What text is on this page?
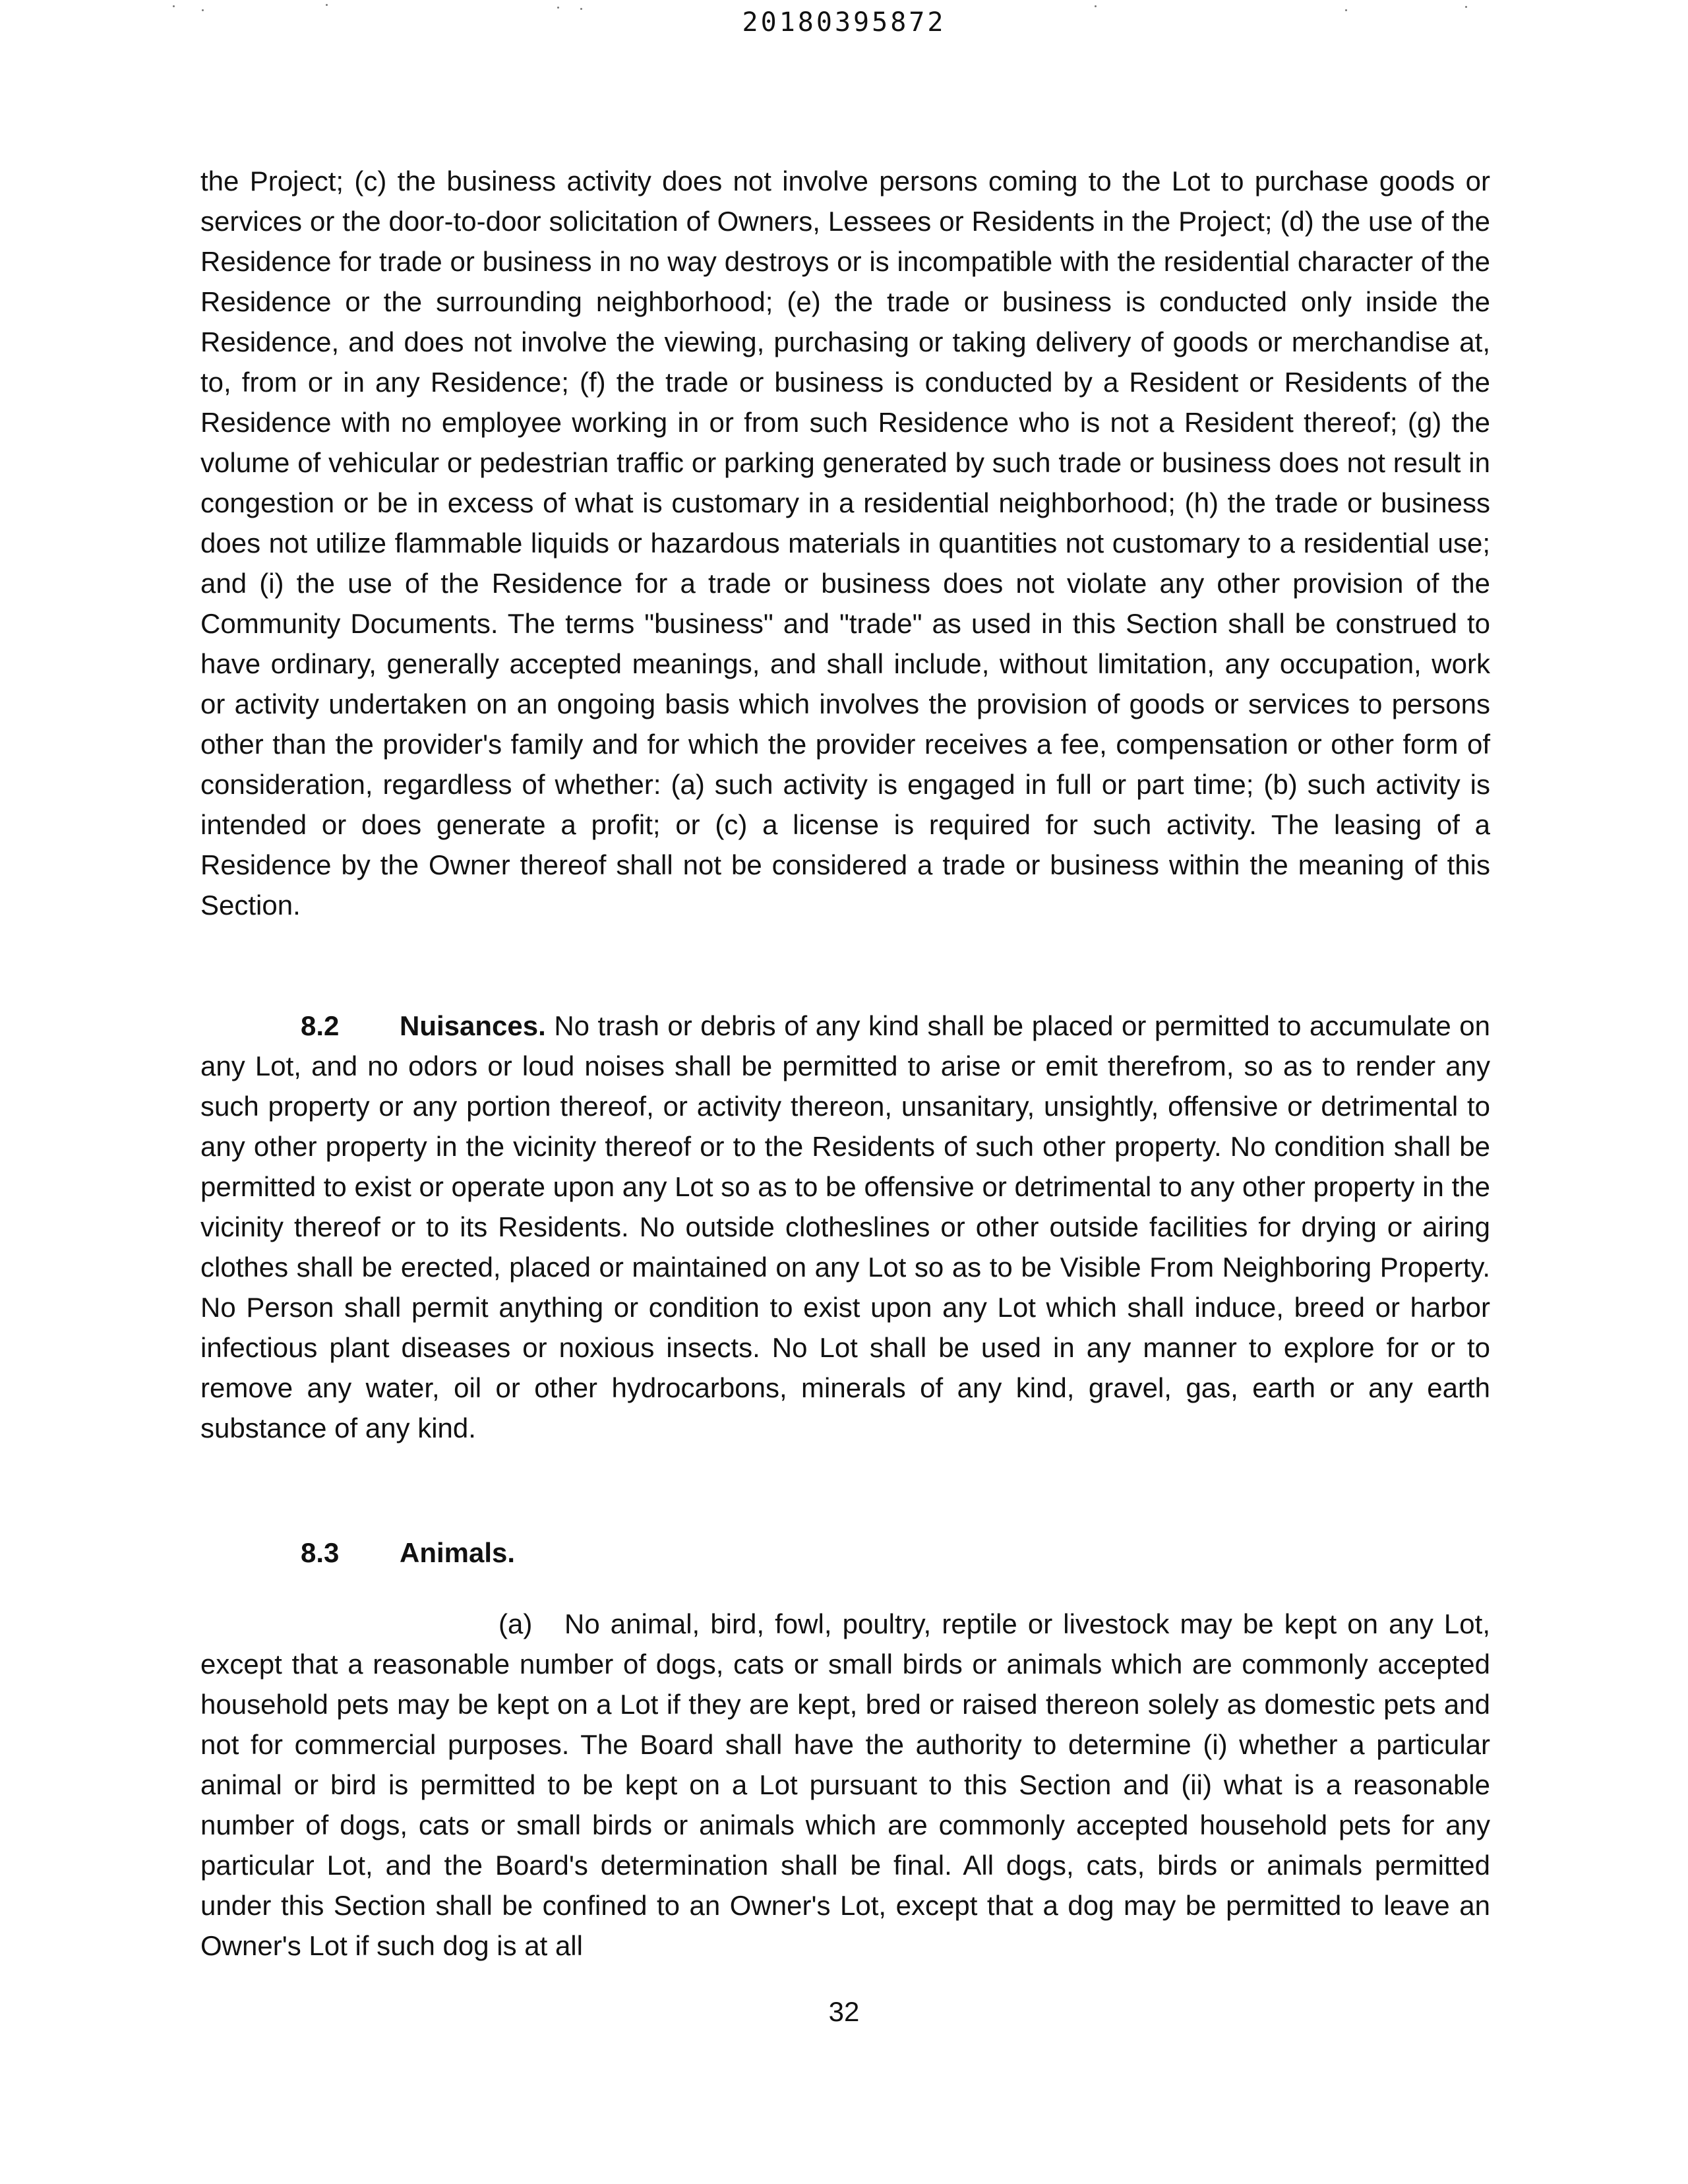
20180395872

the Project; (c) the business activity does not involve persons coming to the Lot to purchase goods or services or the door-to-door solicitation of Owners, Lessees or Residents in the Project; (d) the use of the Residence for trade or business in no way destroys or is incompatible with the residential character of the Residence or the surrounding neighborhood; (e) the trade or business is conducted only inside the Residence, and does not involve the viewing, purchasing or taking delivery of goods or merchandise at, to, from or in any Residence; (f) the trade or business is conducted by a Resident or Residents of the Residence with no employee working in or from such Residence who is not a Resident thereof; (g) the volume of vehicular or pedestrian traffic or parking generated by such trade or business does not result in congestion or be in excess of what is customary in a residential neighborhood; (h) the trade or business does not utilize flammable liquids or hazardous materials in quantities not customary to a residential use; and (i) the use of the Residence for a trade or business does not violate any other provision of the Community Documents. The terms "business" and "trade" as used in this Section shall be construed to have ordinary, generally accepted meanings, and shall include, without limitation, any occupation, work or activity undertaken on an ongoing basis which involves the provision of goods or services to persons other than the provider's family and for which the provider receives a fee, compensation or other form of consideration, regardless of whether: (a) such activity is engaged in full or part time; (b) such activity is intended or does generate a profit; or (c) a license is required for such activity. The leasing of a Residence by the Owner thereof shall not be considered a trade or business within the meaning of this Section.

8.2 Nuisances. No trash or debris of any kind shall be placed or permitted to accumulate on any Lot, and no odors or loud noises shall be permitted to arise or emit therefrom, so as to render any such property or any portion thereof, or activity thereon, unsanitary, unsightly, offensive or detrimental to any other property in the vicinity thereof or to the Residents of such other property. No condition shall be permitted to exist or operate upon any Lot so as to be offensive or detrimental to any other property in the vicinity thereof or to its Residents. No outside clotheslines or other outside facilities for drying or airing clothes shall be erected, placed or maintained on any Lot so as to be Visible From Neighboring Property. No Person shall permit anything or condition to exist upon any Lot which shall induce, breed or harbor infectious plant diseases or noxious insects. No Lot shall be used in any manner to explore for or to remove any water, oil or other hydrocarbons, minerals of any kind, gravel, gas, earth or any earth substance of any kind.

8.3 Animals.

(a) No animal, bird, fowl, poultry, reptile or livestock may be kept on any Lot, except that a reasonable number of dogs, cats or small birds or animals which are commonly accepted household pets may be kept on a Lot if they are kept, bred or raised thereon solely as domestic pets and not for commercial purposes. The Board shall have the authority to determine (i) whether a particular animal or bird is permitted to be kept on a Lot pursuant to this Section and (ii) what is a reasonable number of dogs, cats or small birds or animals which are commonly accepted household pets for any particular Lot, and the Board's determination shall be final. All dogs, cats, birds or animals permitted under this Section shall be confined to an Owner's Lot, except that a dog may be permitted to leave an Owner's Lot if such dog is at all

32
